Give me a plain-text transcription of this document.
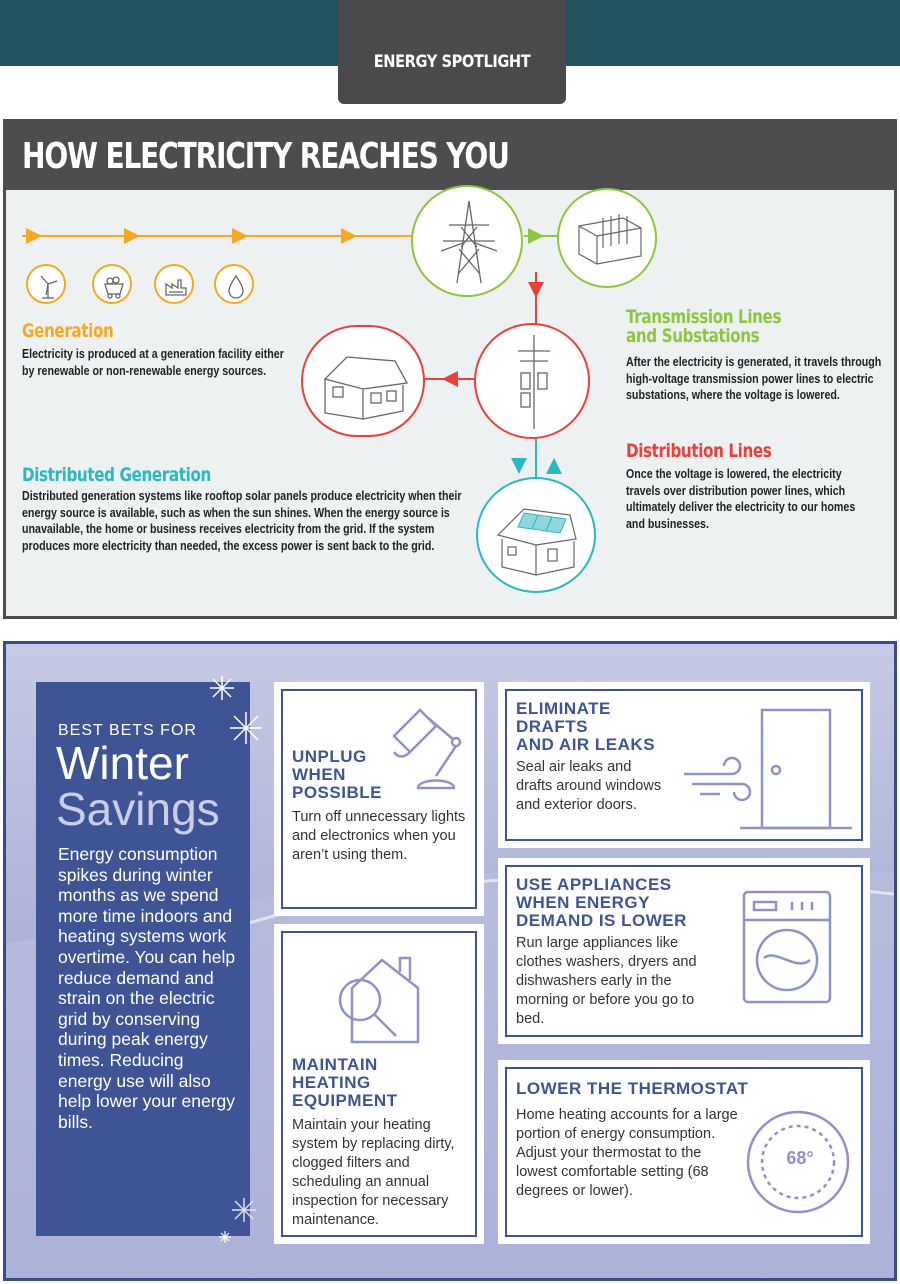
ENERGY SPOTLIGHT
HOW ELECTRICITY REACHES YOU
Generation
Electricity is produced at a generation facility either by renewable or non-renewable energy sources.
Transmission Lines
and Substations
After the electricity is generated, it travels through high-voltage transmission power lines to electric substations, where the voltage is lowered.
Distribution Lines
Once the voltage is lowered, the electricity travels over distribution power lines, which ultimately deliver the electricity to our homes and businesses.
Distributed Generation
Distributed generation systems like rooftop solar panels produce electricity when their energy source is available, such as when the sun shines. When the energy source is unavailable, the home or business receives electricity from the grid. If the system produces more electricity than needed, the excess power is sent back to the grid.
BEST BETS FOR
Winter
Savings
Energy consumption spikes during winter months as we spend more time indoors and heating systems work overtime. You can help reduce demand and strain on the electric grid by conserving during peak energy times. Reducing energy use will also help lower your energy bills.
UNPLUG
WHEN
POSSIBLE
Turn off unnecessary lights and electronics when you aren’t using them.
ELIMINATE
DRAFTS
AND AIR LEAKS
Seal air leaks and drafts around windows and exterior doors.
USE APPLIANCES
WHEN ENERGY
DEMAND IS LOWER
Run large appliances like clothes washers, dryers and dishwashers early in the morning or before you go to bed.
MAINTAIN
HEATING
EQUIPMENT
Maintain your heating system by replacing dirty, clogged filters and scheduling an annual inspection for necessary maintenance.
LOWER THE THERMOSTAT
Home heating accounts for a large portion of energy consumption. Adjust your thermostat to the lowest comfortable setting (68 degrees or lower).
68°
